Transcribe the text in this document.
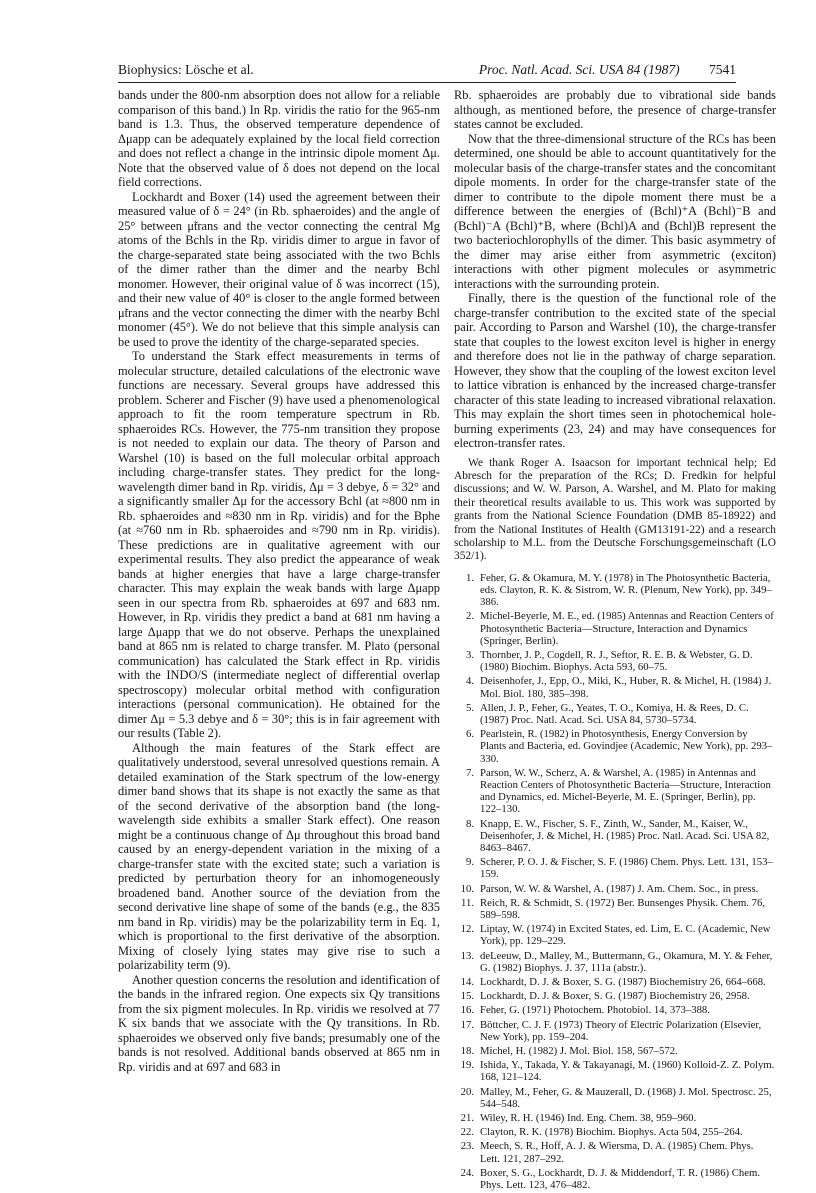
Biophysics: Lösche et al.	Proc. Natl. Acad. Sci. USA 84 (1987) 7541

bands under the 800-nm absorption does not allow for a reliable comparison of this band.) In Rp. viridis the ratio for the 965-nm band is 1.3. Thus, the observed temperature dependence of Δμapp can be adequately explained by the local field correction and does not reflect a change in the intrinsic dipole moment Δμ. Note that the observed value of δ does not depend on the local field corrections.

Lockhardt and Boxer (14) used the agreement between their measured value of δ = 24° (in Rb. sphaeroides) and the angle of 25° between μ̃trans and the vector connecting the central Mg atoms of the Bchls in the Rp. viridis dimer to argue in favor of the charge-separated state being associated with the two Bchls of the dimer rather than the dimer and the nearby Bchl monomer. However, their original value of δ was incorrect (15), and their new value of 40° is closer to the angle formed between μ̃trans and the vector connecting the dimer with the nearby Bchl monomer (45°). We do not believe that this simple analysis can be used to prove the identity of the charge-separated species.

To understand the Stark effect measurements in terms of molecular structure, detailed calculations of the electronic wave functions are necessary. Several groups have addressed this problem. Scherer and Fischer (9) have used a phenomenological approach to fit the room temperature spectrum in Rb. sphaeroides RCs. However, the 775-nm transition they propose is not needed to explain our data. The theory of Parson and Warshel (10) is based on the full molecular orbital approach including charge-transfer states. They predict for the long-wavelength dimer band in Rp. viridis, Δμ = 3 debye, δ = 32° and a significantly smaller Δμ for the accessory Bchl (at ≈800 nm in Rb. sphaeroides and ≈830 nm in Rp. viridis) and for the Bphe (at ≈760 nm in Rb. sphaeroides and ≈790 nm in Rp. viridis). These predictions are in qualitative agreement with our experimental results. They also predict the appearance of weak bands at higher energies that have a large charge-transfer character. This may explain the weak bands with large Δμapp seen in our spectra from Rb. sphaeroides at 697 and 683 nm. However, in Rp. viridis they predict a band at 681 nm having a large Δμapp that we do not observe. Perhaps the unexplained band at 865 nm is related to charge transfer. M. Plato (personal communication) has calculated the Stark effect in Rp. viridis with the INDO/S (intermediate neglect of differential overlap spectroscopy) molecular orbital method with configuration interactions (personal communication). He obtained for the dimer Δμ = 5.3 debye and δ = 30°; this is in fair agreement with our results (Table 2).

Although the main features of the Stark effect are qualitatively understood, several unresolved questions remain. A detailed examination of the Stark spectrum of the low-energy dimer band shows that its shape is not exactly the same as that of the second derivative of the absorption band (the long-wavelength side exhibits a smaller Stark effect). One reason might be a continuous change of Δμ throughout this broad band caused by an energy-dependent variation in the mixing of a charge-transfer state with the excited state; such a variation is predicted by perturbation theory for an inhomogeneously broadened band. Another source of the deviation from the second derivative line shape of some of the bands (e.g., the 835 nm band in Rp. viridis) may be the polarizability term in Eq. 1, which is proportional to the first derivative of the absorption. Mixing of closely lying states may give rise to such a polarizability term (9).

Another question concerns the resolution and identification of the bands in the infrared region. One expects six Qy transitions from the six pigment molecules. In Rp. viridis we resolved at 77 K six bands that we associate with the Qy transitions. In Rb. sphaeroides we observed only five bands; presumably one of the bands is not resolved. Additional bands observed at 865 nm in Rp. viridis and at 697 and 683 in

Rb. sphaeroides are probably due to vibrational side bands although, as mentioned before, the presence of charge-transfer states cannot be excluded.

Now that the three-dimensional structure of the RCs has been determined, one should be able to account quantitatively for the molecular basis of the charge-transfer states and the concomitant dipole moments. In order for the charge-transfer state of the dimer to contribute to the dipole moment there must be a difference between the energies of (Bchl)⁺A (Bchl)⁻B and (Bchl)⁻A (Bchl)⁺B, where (Bchl)A and (Bchl)B represent the two bacteriochlorophylls of the dimer. This basic asymmetry of the dimer may arise either from asymmetric (exciton) interactions with other pigment molecules or asymmetric interactions with the surrounding protein.

Finally, there is the question of the functional role of the charge-transfer contribution to the excited state of the special pair. According to Parson and Warshel (10), the charge-transfer state that couples to the lowest exciton level is higher in energy and therefore does not lie in the pathway of charge separation. However, they show that the coupling of the lowest exciton level to lattice vibration is enhanced by the increased charge-transfer character of this state leading to increased vibrational relaxation. This may explain the short times seen in photochemical hole-burning experiments (23, 24) and may have consequences for electron-transfer rates.

We thank Roger A. Isaacson for important technical help; Ed Abresch for the preparation of the RCs; D. Fredkin for helpful discussions; and W. W. Parson, A. Warshel, and M. Plato for making their theoretical results available to us. This work was supported by grants from the National Science Foundation (DMB 85-18922) and from the National Institutes of Health (GM13191-22) and a research scholarship to M.L. from the Deutsche Forschungsgemeinschaft (LO 352/1).

1. Feher, G. & Okamura, M. Y. (1978) in The Photosynthetic Bacteria, eds. Clayton, R. K. & Sistrom, W. R. (Plenum, New York), pp. 349–386.
2. Michel-Beyerle, M. E., ed. (1985) Antennas and Reaction Centers of Photosynthetic Bacteria—Structure, Interaction and Dynamics (Springer, Berlin).
3. Thornber, J. P., Cogdell, R. J., Seftor, R. E. B. & Webster, G. D. (1980) Biochim. Biophys. Acta 593, 60–75.
4. Deisenhofer, J., Epp, O., Miki, K., Huber, R. & Michel, H. (1984) J. Mol. Biol. 180, 385–398.
5. Allen, J. P., Feher, G., Yeates, T. O., Komiya, H. & Rees, D. C. (1987) Proc. Natl. Acad. Sci. USA 84, 5730–5734.
6. Pearlstein, R. (1982) in Photosynthesis, Energy Conversion by Plants and Bacteria, ed. Govindjee (Academic, New York), pp. 293–330.
7. Parson, W. W., Scherz, A. & Warshel, A. (1985) in Antennas and Reaction Centers of Photosynthetic Bacteria—Structure, Interaction and Dynamics, ed. Michel-Beyerle, M. E. (Springer, Berlin), pp. 122–130.
8. Knapp, E. W., Fischer, S. F., Zinth, W., Sander, M., Kaiser, W., Deisenhofer, J. & Michel, H. (1985) Proc. Natl. Acad. Sci. USA 82, 8463–8467.
9. Scherer, P. O. J. & Fischer, S. F. (1986) Chem. Phys. Lett. 131, 153–159.
10. Parson, W. W. & Warshel, A. (1987) J. Am. Chem. Soc., in press.
11. Reich, R. & Schmidt, S. (1972) Ber. Bunsenges Physik. Chem. 76, 589–598.
12. Liptay, W. (1974) in Excited States, ed. Lim, E. C. (Academic, New York), pp. 129–229.
13. deLeeuw, D., Malley, M., Buttermann, G., Okamura, M. Y. & Feher, G. (1982) Biophys. J. 37, 111a (abstr.).
14. Lockhardt, D. J. & Boxer, S. G. (1987) Biochemistry 26, 664–668.
15. Lockhardt, D. J. & Boxer, S. G. (1987) Biochemistry 26, 2958.
16. Feher, G. (1971) Photochem. Photobiol. 14, 373–388.
17. Böttcher, C. J. F. (1973) Theory of Electric Polarization (Elsevier, New York), pp. 159–204.
18. Michel, H. (1982) J. Mol. Biol. 158, 567–572.
19. Ishida, Y., Takada, Y. & Takayanagi, M. (1960) Kolloid-Z. Z. Polym. 168, 121–124.
20. Malley, M., Feher, G. & Mauzerall, D. (1968) J. Mol. Spectrosc. 25, 544–548.
21. Wiley, R. H. (1946) Ind. Eng. Chem. 38, 959–960.
22. Clayton, R. K. (1978) Biochim. Biophys. Acta 504, 255–264.
23. Meech, S. R., Hoff, A. J. & Wiersma, D. A. (1985) Chem. Phys. Lett. 121, 287–292.
24. Boxer, S. G., Lockhardt, D. J. & Middendorf, T. R. (1986) Chem. Phys. Lett. 123, 476–482.
